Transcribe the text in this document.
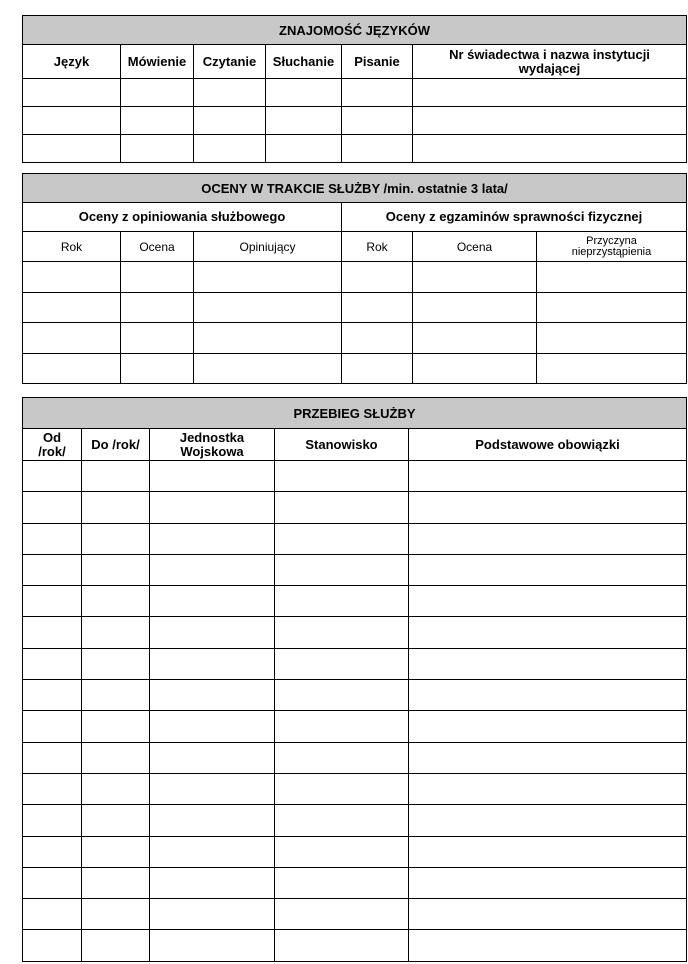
ZNAJOMOŚĆ JĘZYKÓW					
Język	Mówienie	Czytanie	Słuchanie	Pisanie	Nr świadectwa i nazwa instytucji wydającej

OCENY W TRAKCIE SŁUŻBY /min. ostatnie 3 lata/					
Oceny z opiniowania służbowego			Oceny z egzaminów sprawności fizycznej		
Rok	Ocena	Opiniujący	Rok	Ocena	Przyczyna nieprzystąpienia

PRZEBIEG SŁUŻBY				
Od /rok/	Do /rok/	Jednostka Wojskowa	Stanowisko	Podstawowe obowiązki
